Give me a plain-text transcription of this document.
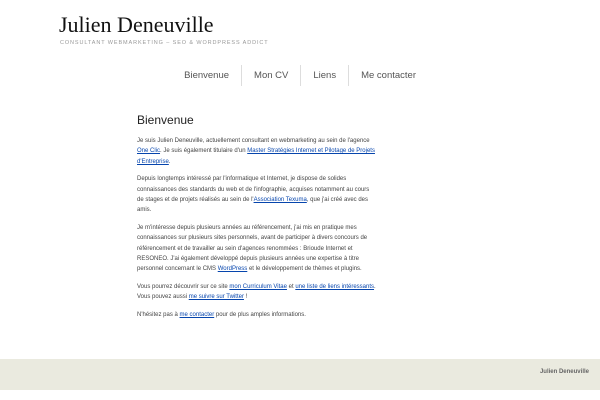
Julien Deneuville
CONSULTANT WEBMARKETING – SEO & WORDPRESS ADDICT
Bienvenue	Mon CV	Liens	Me contacter
Bienvenue

Je suis Julien Deneuville, actuellement consultant en webmarketing au sein de l'agence One Clic. Je suis également titulaire d'un Master Stratégies Internet et Pilotage de Projets d'Entreprise.

Depuis longtemps intéressé par l'informatique et Internet, je dispose de solides connaissances des standards du web et de l'infographie, acquises notamment au cours de stages et de projets réalisés au sein de l'Association Texuma, que j'ai créé avec des amis.

Je m'intéresse depuis plusieurs années au référencement, j'ai mis en pratique mes connaissances sur plusieurs sites personnels, avant de participer à divers concours de référencement et de travailler au sein d'agences renommées : Brioude Internet et RESONEO. J'ai également développé depuis plusieurs années une expertise à titre personnel concernant le CMS WordPress et le développement de thèmes et plugins.

Vous pourrez découvrir sur ce site mon Curriculum Vitae et une liste de liens intéressants. Vous pouvez aussi me suivre sur Twitter !

N'hésitez pas à me contacter pour de plus amples informations.

Julien Deneuville
